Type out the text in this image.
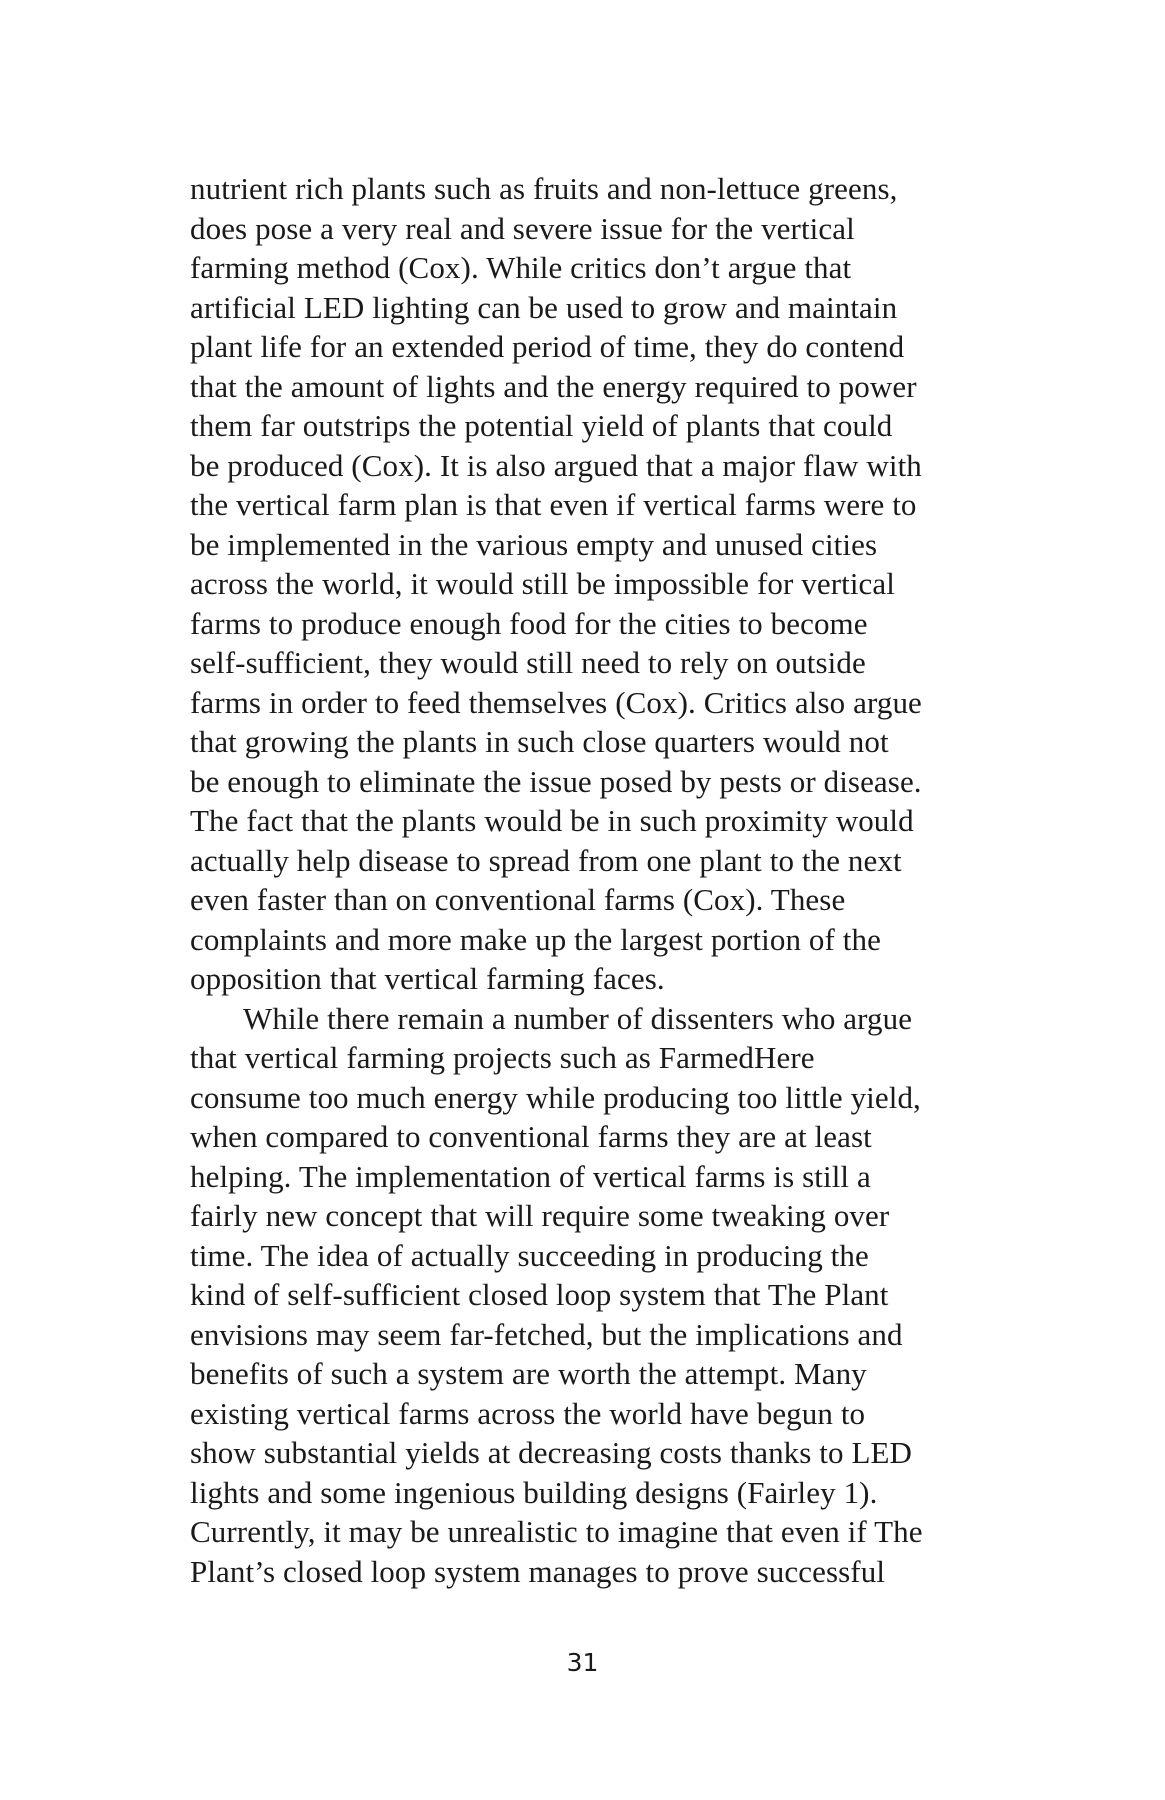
nutrient rich plants such as fruits and non-lettuce greens,
does pose a very real and severe issue for the vertical
farming method (Cox). While critics don’t argue that
artificial LED lighting can be used to grow and maintain
plant life for an extended period of time, they do contend
that the amount of lights and the energy required to power
them far outstrips the potential yield of plants that could
be produced (Cox). It is also argued that a major flaw with
the vertical farm plan is that even if vertical farms were to
be implemented in the various empty and unused cities
across the world, it would still be impossible for vertical
farms to produce enough food for the cities to become
self-sufficient, they would still need to rely on outside
farms in order to feed themselves (Cox). Critics also argue
that growing the plants in such close quarters would not
be enough to eliminate the issue posed by pests or disease.
The fact that the plants would be in such proximity would
actually help disease to spread from one plant to the next
even faster than on conventional farms (Cox). These
complaints and more make up the largest portion of the
opposition that vertical farming faces.
While there remain a number of dissenters who argue
that vertical farming projects such as FarmedHere
consume too much energy while producing too little yield,
when compared to conventional farms they are at least
helping. The implementation of vertical farms is still a
fairly new concept that will require some tweaking over
time. The idea of actually succeeding in producing the
kind of self-sufficient closed loop system that The Plant
envisions may seem far-fetched, but the implications and
benefits of such a system are worth the attempt. Many
existing vertical farms across the world have begun to
show substantial yields at decreasing costs thanks to LED
lights and some ingenious building designs (Fairley 1).
Currently, it may be unrealistic to imagine that even if The
Plant’s closed loop system manages to prove successful
31
